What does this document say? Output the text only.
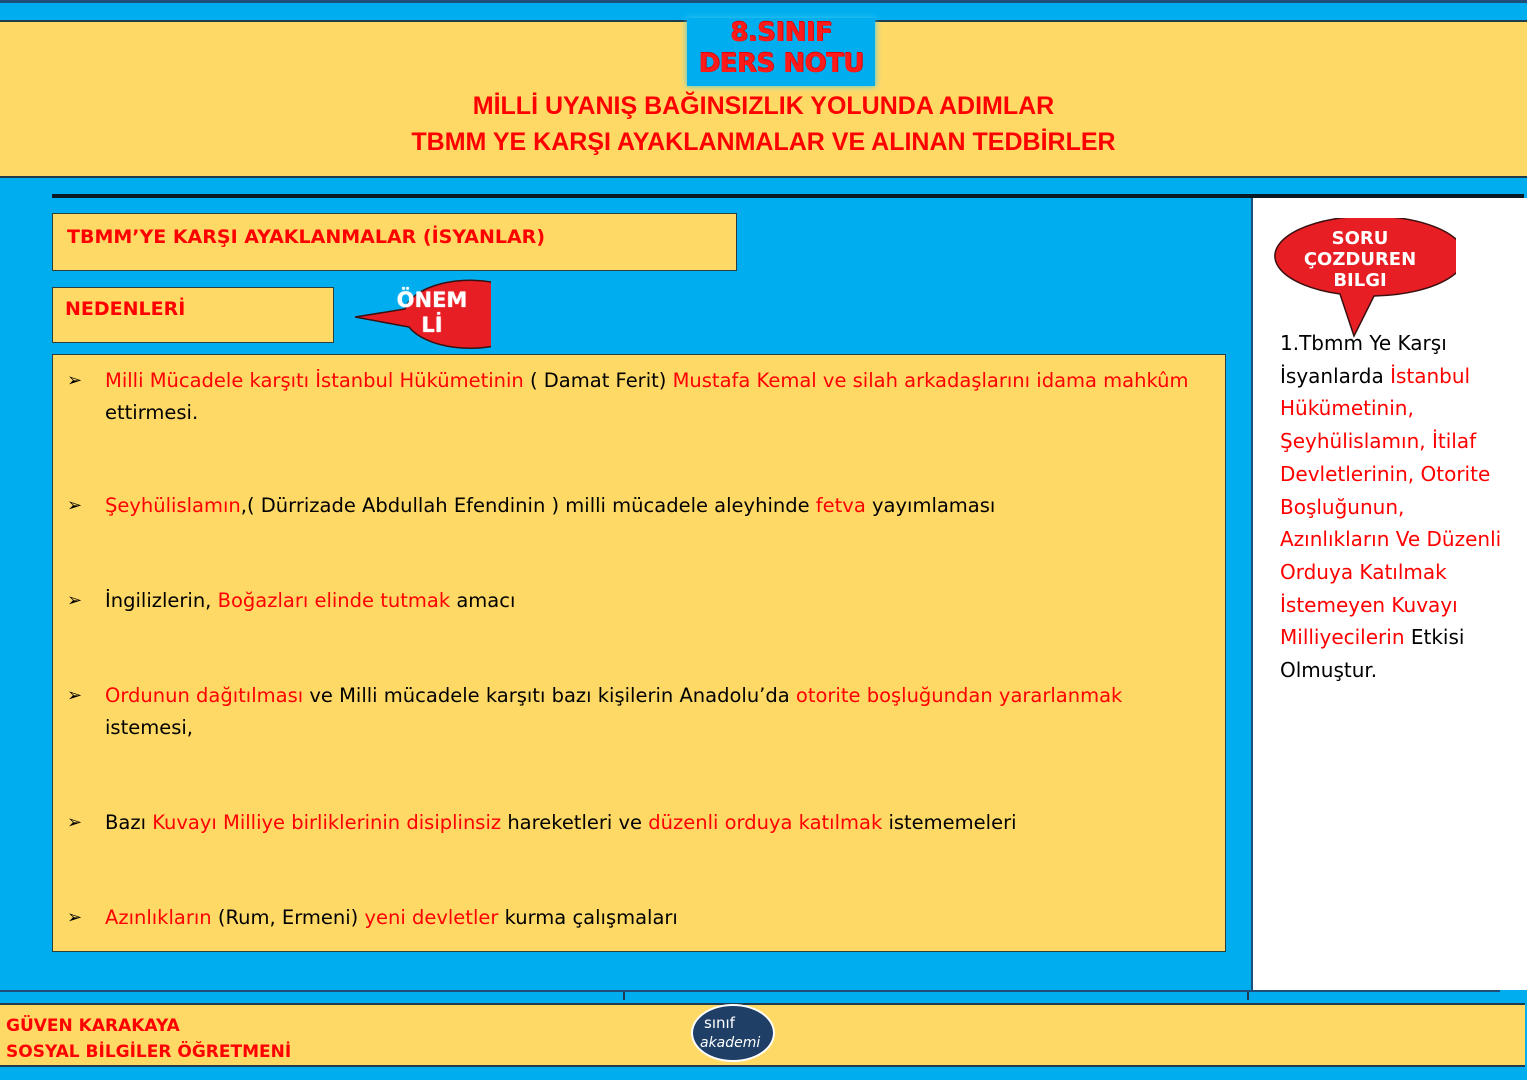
8.SINIF
DERS NOTU
MİLLİ UYANIŞ BAĞINSIZLIK YOLUNDA ADIMLAR
TBMM YE KARŞI AYAKLANMALAR VE ALINAN TEDBİRLER
TBMM’YE KARŞI AYAKLANMALAR (İSYANLAR)
NEDENLERİ	ÖNEM
Lİ
➢ Milli Mücadele karşıtı İstanbul Hükümetinin ( Damat Ferit) Mustafa Kemal ve silah arkadaşlarını idama mahkûm ettirmesi.
➢ Şeyhülislamın,( Dürrizade Abdullah Efendinin ) milli mücadele aleyhinde fetva yayımlaması
➢ İngilizlerin, Boğazları elinde tutmak amacı
➢ Ordunun dağıtılması ve Milli mücadele karşıtı bazı kişilerin Anadolu’da otorite boşluğundan yararlanmak istemesi,
➢ Bazı Kuvayı Milliye birliklerinin disiplinsiz hareketleri ve düzenli orduya katılmak istememeleri
➢ Azınlıkların (Rum, Ermeni) yeni devletler kurma çalışmaları
SORU
ÇOZDUREN
BILGI
1.Tbmm Ye Karşı İsyanlarda İstanbul Hükümetinin, Şeyhülislamın, İtilaf Devletlerinin, Otorite Boşluğunun, Azınlıkların Ve Düzenli Orduya Katılmak İstemeyen Kuvayı Milliyecilerin Etkisi Olmuştur.
GÜVEN KARAKAYA
SOSYAL BİLGİLER ÖĞRETMENİ
sınıf
akademi
